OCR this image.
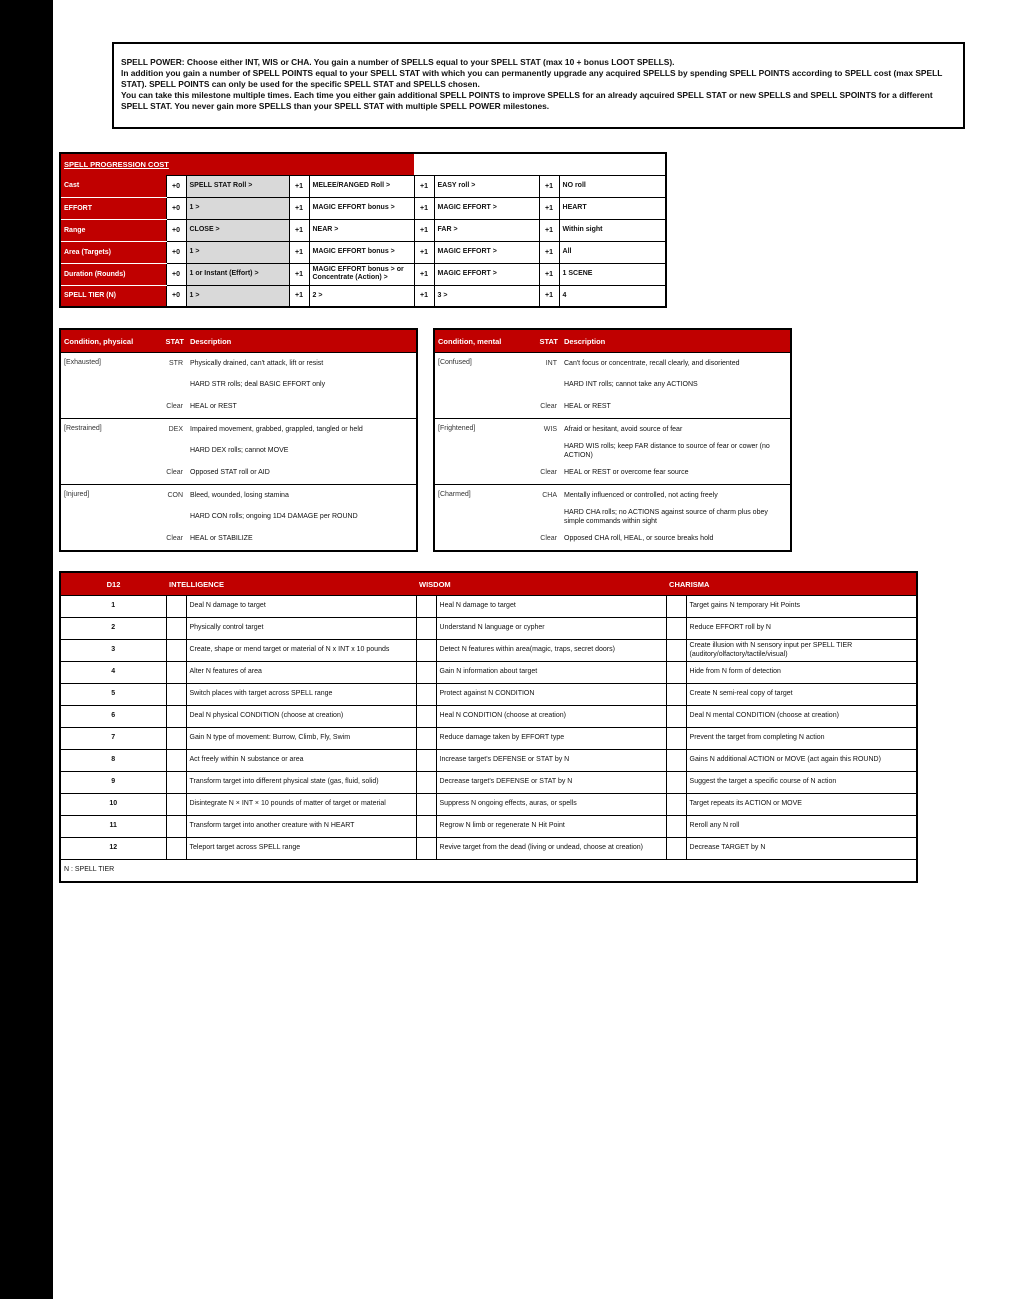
SPELL POWER: Choose either INT, WIS or CHA. You gain a number of SPELLS equal to your SPELL STAT (max 10 + bonus LOOT SPELLS).

In addition you gain a number of SPELL POINTS equal to your SPELL STAT with which you can permanently upgrade any acquired SPELLS by spending SPELL POINTS according to SPELL cost (max SPELL STAT). SPELL POINTS can only be used for the specific SPELL STAT and SPELLS chosen.

You can take this milestone multiple times. Each time you either gain additional SPELL POINTS to improve SPELLS for an already aqcuired SPELL STAT or new SPELLS and SPELL SPOINTS for a different SPELL STAT. You never gain more SPELLS than your SPELL STAT with multiple SPELL POWER milestones.

SPELL PROGRESSION COST								
Cast	+0	SPELL STAT Roll >	+1	MELEE/RANGED Roll >	+1	EASY roll >	+1	NO roll
EFFORT	+0	1 >	+1	MAGIC EFFORT bonus >	+1	MAGIC EFFORT >	+1	HEART
Range	+0	CLOSE >	+1	NEAR >	+1	FAR >	+1	Within sight
Area (Targets)	+0	1 >	+1	MAGIC EFFORT bonus >	+1	MAGIC EFFORT >	+1	All
Duration (Rounds)	+0	1 or Instant (Effort) >	+1	MAGIC EFFORT bonus > or Concentrate (Action) >	+1	MAGIC EFFORT >	+1	1 SCENE
SPELL TIER (N)	+0	1 >	+1	2 >	+1	3 >	+1	4
Condition, physical	STAT	Description
[Exhausted]	STR	Physically drained, can't attack, lift or resist
		HARD STR rolls; deal BASIC EFFORT only
	Clear	HEAL or REST
[Restrained]	DEX	Impaired movement, grabbed, grappled, tangled or held
		HARD DEX rolls; cannot MOVE
	Clear	Opposed STAT roll or AID
[Injured]	CON	Bleed, wounded, losing stamina
		HARD CON rolls; ongoing 1D4 DAMAGE per ROUND
	Clear	HEAL or STABILIZE
Condition, mental	STAT	Description
[Confused]	INT	Can't focus or concentrate, recall clearly, and disoriented
		HARD INT rolls; cannot take any ACTIONS
	Clear	HEAL or REST
[Frightened]	WIS	Afraid or hesitant, avoid source of fear
		HARD WIS rolls; keep FAR distance to source of fear or cower (no ACTION)
	Clear	HEAL or REST or overcome fear source
[Charmed]	CHA	Mentally influenced or controlled, not acting freely
		HARD CHA rolls; no ACTIONS against source of charm plus obey simple commands within sight
	Clear	Opposed CHA roll, HEAL, or source breaks hold
D12	INTELLIGENCE		WISDOM		CHARISMA	
1		Deal N damage to target		Heal N damage to target		Target gains N temporary Hit Points
2		Physically control target		Understand N language or cypher		Reduce EFFORT roll by N
3		Create, shape or mend target or material of N x INT x 10 pounds		Detect N features within area(magic, traps, secret doors)		Create illusion with N sensory input per SPELL TIER (auditory/olfactory/tactile/visual)
4		Alter N features of area		Gain N information about target		Hide from N form of detection
5		Switch places with target across SPELL range		Protect against N CONDITION		Create N semi-real copy of target
6		Deal N physical CONDITION (choose at creation)		Heal N CONDITION (choose at creation)		Deal N mental CONDITION (choose at creation)
7		Gain N type of movement: Burrow, Climb, Fly, Swim		Reduce damage taken by EFFORT type		Prevent the target from completing N action
8		Act freely within N substance or area		Increase target's DEFENSE or STAT by N		Gains N additional ACTION or MOVE (act again this ROUND)
9		Transform target into different physical state (gas, fluid, solid)		Decrease target's DEFENSE or STAT by N		Suggest the target a specific course of N action
10		Disintegrate N × INT × 10 pounds of matter of target or material		Suppress N ongoing effects, auras, or spells		Target repeats its ACTION or MOVE
11		Transform target into another creature with N HEART		Regrow N limb or regenerate N Hit Point		Reroll any N roll
12		Teleport target across SPELL range		Revive target from the dead (living or undead, choose at creation)		Decrease TARGET by N
N : SPELL TIER						
